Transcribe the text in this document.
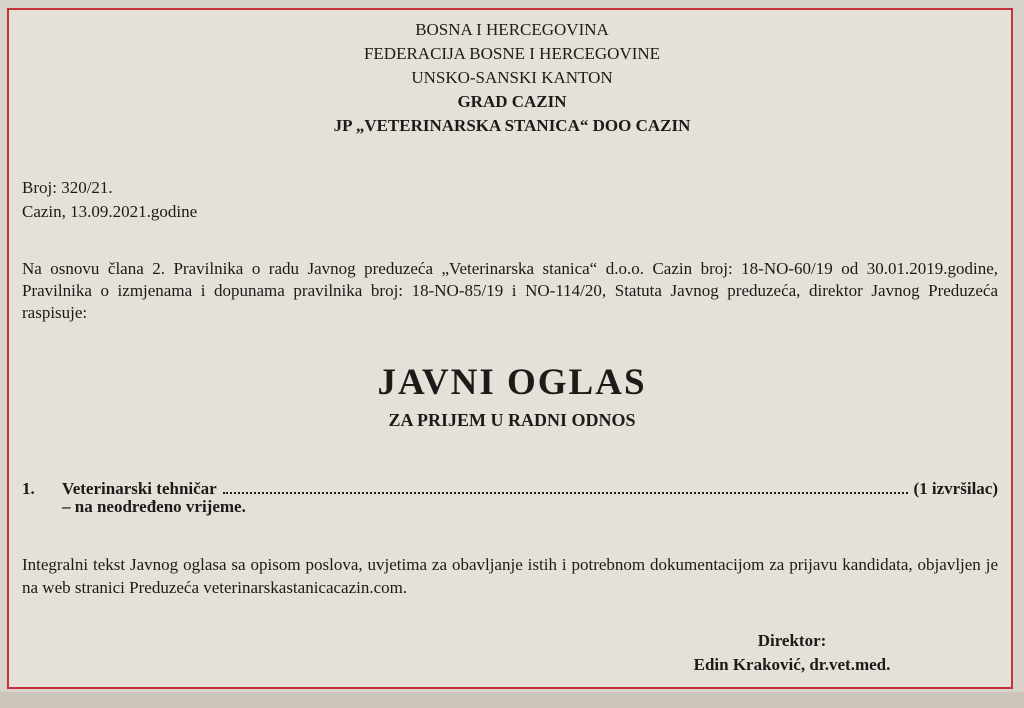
BOSNA I HERCEGOVINA
FEDERACIJA BOSNE I HERCEGOVINE
UNSKO-SANSKI KANTON
GRAD CAZIN
JP „VETERINARSKA STANICA“ DOO CAZIN
Broj: 320/21.
Cazin, 13.09.2021.godine
Na osnovu člana 2. Pravilnika o radu Javnog preduzeća „Veterinarska stanica“ d.o.o. Cazin broj: 18-NO-60/19 od 30.01.2019.godine, Pravilnika o izmjenama i dopunama pravilnika broj: 18-NO-85/19 i NO-114/20, Statuta Javnog preduzeća, direktor Javnog Preduzeća raspisuje:
JAVNI OGLAS
ZA PRIJEM U RADNI ODNOS
1.	Veterinarski tehničar	(1 izvršilac)
– na neodređeno vrijeme.
Integralni tekst Javnog oglasa sa opisom poslova, uvjetima za obavljanje istih i potrebnom dokumentacijom za prijavu kandidata, objavljen je na web stranici Preduzeća veterinarskastanicacazin.com.
Direktor:
Edin Kraković, dr.vet.med.
